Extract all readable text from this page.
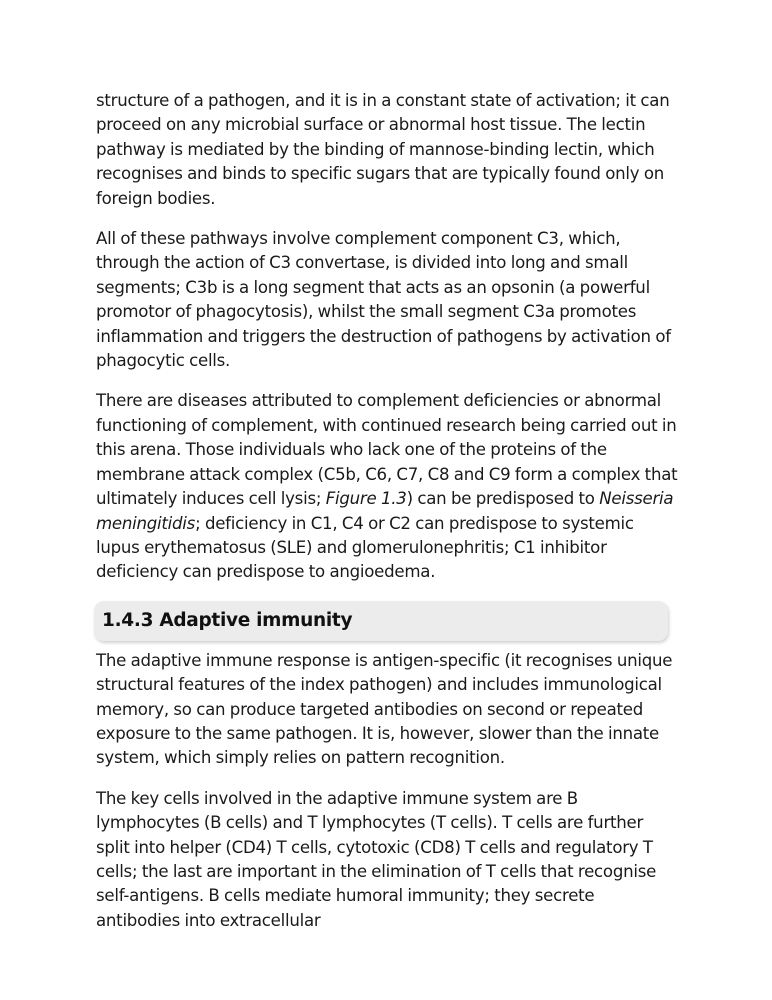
structure of a pathogen, and it is in a constant state of activation; it can proceed on any microbial surface or abnormal host tissue. The lectin pathway is mediated by the binding of mannose-binding lectin, which recognises and binds to specific sugars that are typically found only on foreign bodies.

All of these pathways involve complement component C3, which, through the action of C3 convertase, is divided into long and small segments; C3b is a long segment that acts as an opsonin (a powerful promotor of phagocytosis), whilst the small segment C3a promotes inflammation and triggers the destruction of pathogens by activation of phagocytic cells.

There are diseases attributed to complement deficiencies or abnormal functioning of complement, with continued research being carried out in this arena. Those individuals who lack one of the proteins of the membrane attack complex (C5b, C6, C7, C8 and C9 form a complex that ultimately induces cell lysis; Figure 1.3) can be predisposed to Neisseria meningitidis; deficiency in C1, C4 or C2 can predispose to systemic lupus erythematosus (SLE) and glomerulonephritis; C1 inhibitor deficiency can predispose to angioedema.

1.4.3 Adaptive immunity

The adaptive immune response is antigen-specific (it recognises unique structural features of the index pathogen) and includes immunological memory, so can produce targeted antibodies on second or repeated exposure to the same pathogen. It is, however, slower than the innate system, which simply relies on pattern recognition.

The key cells involved in the adaptive immune system are B lymphocytes (B cells) and T lymphocytes (T cells). T cells are further split into helper (CD4) T cells, cytotoxic (CD8) T cells and regulatory T cells; the last are important in the elimination of T cells that recognise self-antigens. B cells mediate humoral immunity; they secrete antibodies into extracellular
